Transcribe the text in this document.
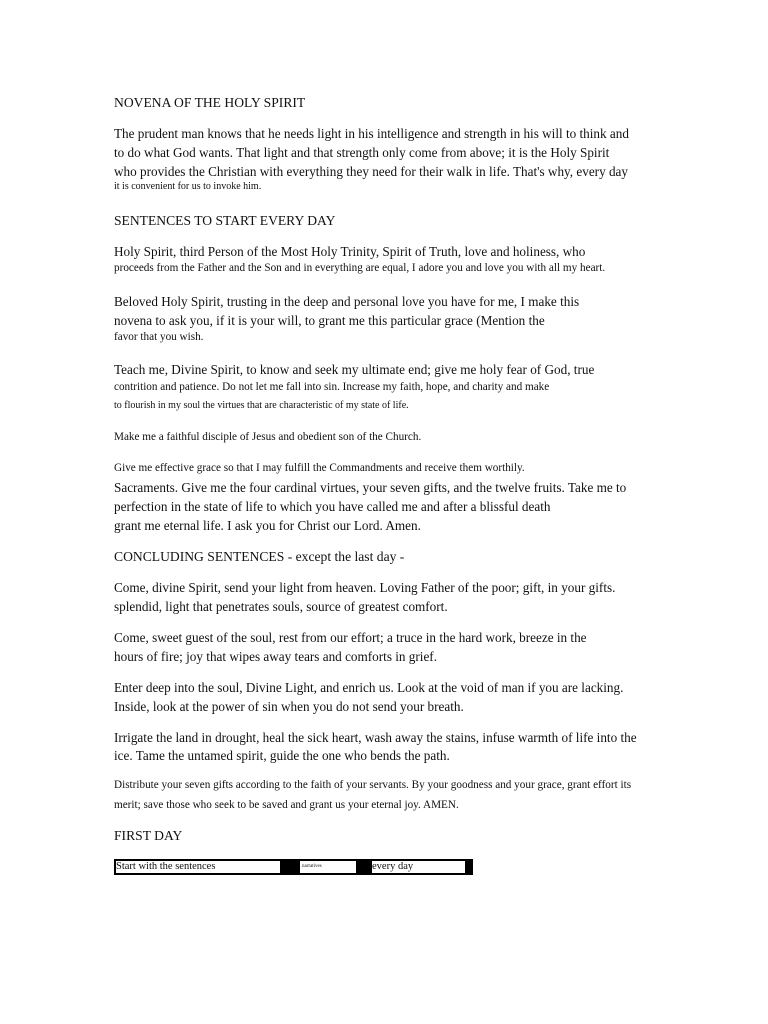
NOVENA OF THE HOLY SPIRIT
The prudent man knows that he needs light in his intelligence and strength in his will to think and
to do what God wants. That light and that strength only come from above; it is the Holy Spirit
who provides the Christian with everything they need for their walk in life. That's why, every day
it is convenient for us to invoke him.
SENTENCES TO START EVERY DAY
Holy Spirit, third Person of the Most Holy Trinity, Spirit of Truth, love and holiness, who
proceeds from the Father and the Son and in everything are equal, I adore you and love you with all my heart.
Beloved Holy Spirit, trusting in the deep and personal love you have for me, I make this
novena to ask you, if it is your will, to grant me this particular grace (Mention the
favor that you wish.
Teach me, Divine Spirit, to know and seek my ultimate end; give me holy fear of God, true
contrition and patience. Do not let me fall into sin. Increase my faith, hope, and charity and make
to flourish in my soul the virtues that are characteristic of my state of life.
Make me a faithful disciple of Jesus and obedient son of the Church.
Give me effective grace so that I may fulfill the Commandments and receive them worthily.
Sacraments. Give me the four cardinal virtues, your seven gifts, and the twelve fruits. Take me to
perfection in the state of life to which you have called me and after a blissful death
grant me eternal life. I ask you for Christ our Lord. Amen.
CONCLUDING SENTENCES - except the last day -
Come, divine Spirit, send your light from heaven. Loving Father of the poor; gift, in your gifts.
splendid, light that penetrates souls, source of greatest comfort.
Come, sweet guest of the soul, rest from our effort; a truce in the hard work, breeze in the
hours of fire; joy that wipes away tears and comforts in grief.
Enter deep into the soul, Divine Light, and enrich us. Look at the void of man if you are lacking.
Inside, look at the power of sin when you do not send your breath.
Irrigate the land in drought, heal the sick heart, wash away the stains, infuse warmth of life into the
ice. Tame the untamed spirit, guide the one who bends the path.
Distribute your seven gifts according to the faith of your servants. By your goodness and your grace, grant effort its
merit; save those who seek to be saved and grant us your eternal joy. AMEN.
FIRST DAY
Start with the sentences	narratives	every day
